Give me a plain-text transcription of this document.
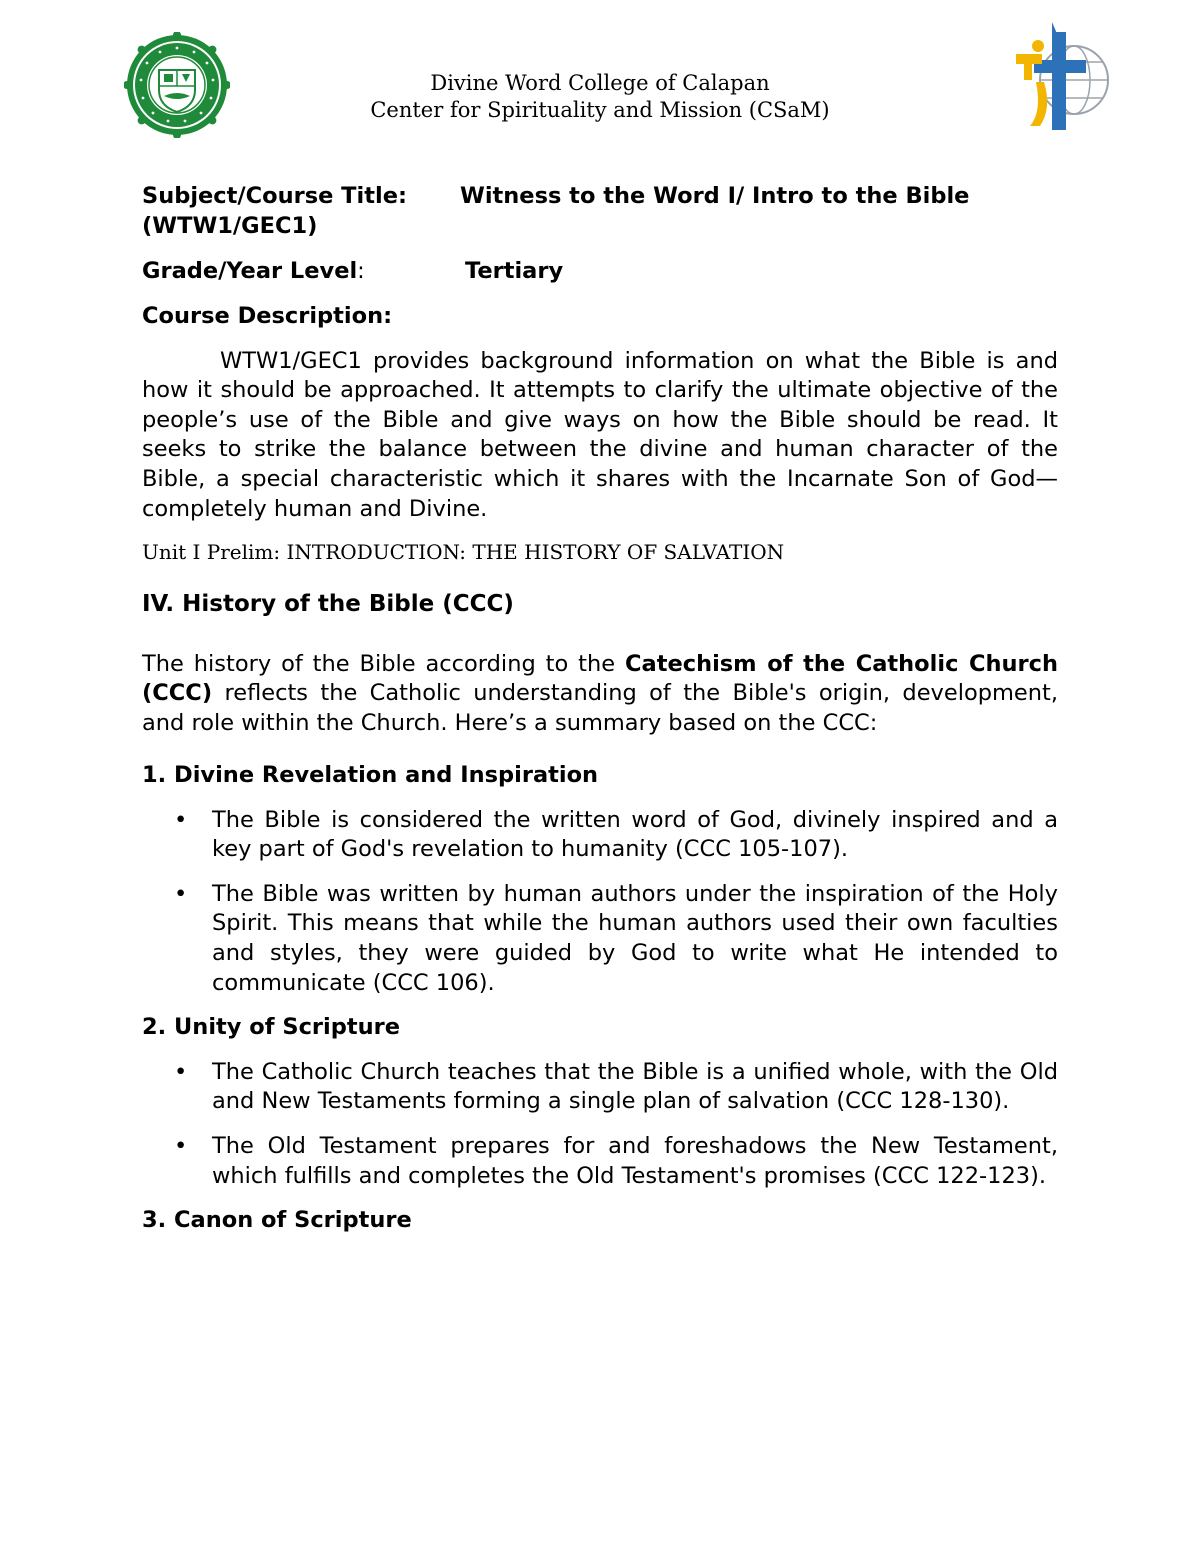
Divine Word College of Calapan
Center for Spirituality and Mission (CSaM)
Subject/Course Title: Witness to the Word I/ Intro to the Bible
(WTW1/GEC1)
Grade/Year Level:	Tertiary
Course Description:

WTW1/GEC1 provides background information on what the Bible is and how it should be approached. It attempts to clarify the ultimate objective of the people’s use of the Bible and give ways on how the Bible should be read. It seeks to strike the balance between the divine and human character of the Bible, a special characteristic which it shares with the Incarnate Son of God—completely human and Divine.

Unit I Prelim: INTRODUCTION: THE HISTORY OF SALVATION
IV. History of the Bible (CCC)

The history of the Bible according to the Catechism of the Catholic Church (CCC) reflects the Catholic understanding of the Bible's origin, development, and role within the Church. Here’s a summary based on the CCC:

1. Divine Revelation and Inspiration
• The Bible is considered the written word of God, divinely inspired and a key part of God's revelation to humanity (CCC 105-107).
• The Bible was written by human authors under the inspiration of the Holy Spirit. This means that while the human authors used their own faculties and styles, they were guided by God to write what He intended to communicate (CCC 106).
2. Unity of Scripture
• The Catholic Church teaches that the Bible is a unified whole, with the Old and New Testaments forming a single plan of salvation (CCC 128-130).
• The Old Testament prepares for and foreshadows the New Testament, which fulfills and completes the Old Testament's promises (CCC 122-123).
3. Canon of Scripture
